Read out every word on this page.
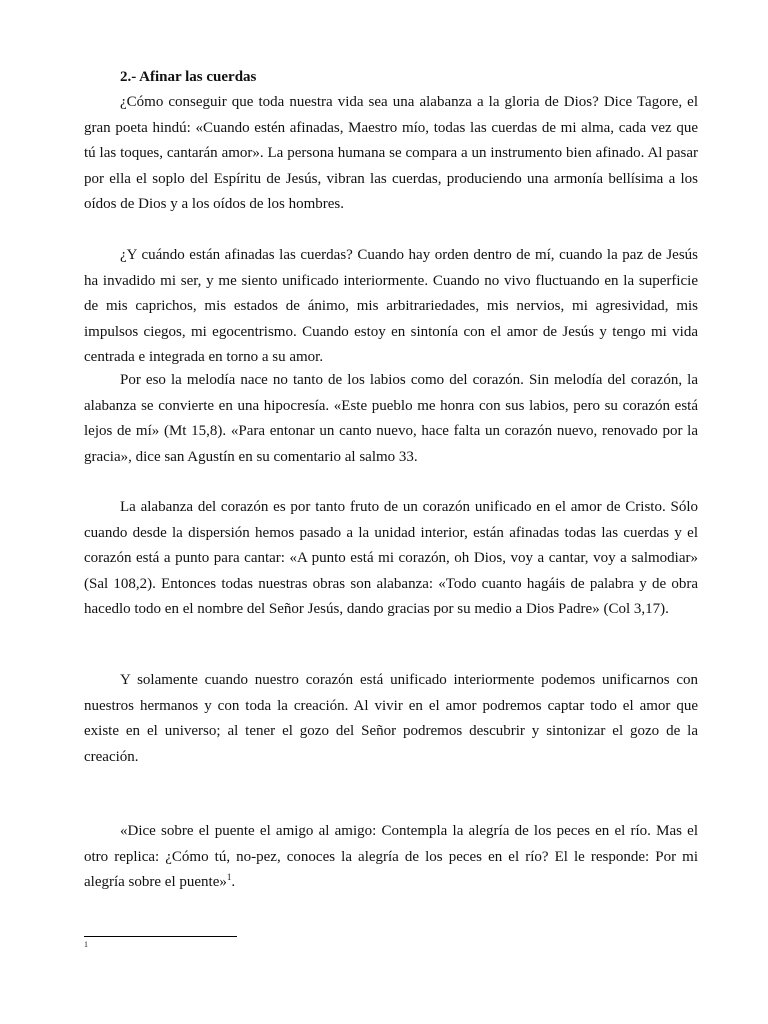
2.- Afinar las cuerdas

¿Cómo conseguir que toda nuestra vida sea una alabanza a la gloria de Dios? Dice Tagore, el gran poeta hindú: «Cuando estén afinadas, Maestro mío, todas las cuerdas de mi alma, cada vez que tú las toques, cantarán amor». La persona humana se compara a un instrumento bien afinado. Al pasar por ella el soplo del Espíritu de Jesús, vibran las cuerdas, produciendo una armonía bellísima a los oídos de Dios y a los oídos de los hombres.

¿Y cuándo están afinadas las cuerdas? Cuando hay orden dentro de mí, cuando la paz de Jesús ha invadido mi ser, y me siento unificado interiormente. Cuando no vivo fluctuando en la superficie de mis caprichos, mis estados de ánimo, mis arbitrariedades, mis nervios, mi agresividad, mis impulsos ciegos, mi egocentrismo. Cuando estoy en sintonía con el amor de Jesús y tengo mi vida centrada e integrada en torno a su amor.

Por eso la melodía nace no tanto de los labios como del corazón. Sin melodía del corazón, la alabanza se convierte en una hipocresía. «Este pueblo me honra con sus labios, pero su corazón está lejos de mí» (Mt 15,8). «Para entonar un canto nuevo, hace falta un corazón nuevo, renovado por la gracia», dice san Agustín en su comentario al salmo 33.

La alabanza del corazón es por tanto fruto de un corazón unificado en el amor de Cristo. Sólo cuando desde la dispersión hemos pasado a la unidad interior, están afinadas todas las cuerdas y el corazón está a punto para cantar: «A punto está mi corazón, oh Dios, voy a cantar, voy a salmodiar» (Sal 108,2). Entonces todas nuestras obras son alabanza: «Todo cuanto hagáis de palabra y de obra hacedlo todo en el nombre del Señor Jesús, dando gracias por su medio a Dios Padre» (Col 3,17).

Y solamente cuando nuestro corazón está unificado interiormente podemos unificarnos con nuestros hermanos y con toda la creación. Al vivir en el amor podremos captar todo el amor que existe en el universo; al tener el gozo del Señor podremos descubrir y sintonizar el gozo de la creación.

«Dice sobre el puente el amigo al amigo: Contempla la alegría de los peces en el río. Mas el otro replica: ¿Cómo tú, no-pez, conoces la alegría de los peces en el río? El le responde: Por mi alegría sobre el puente»$^1$.

1
